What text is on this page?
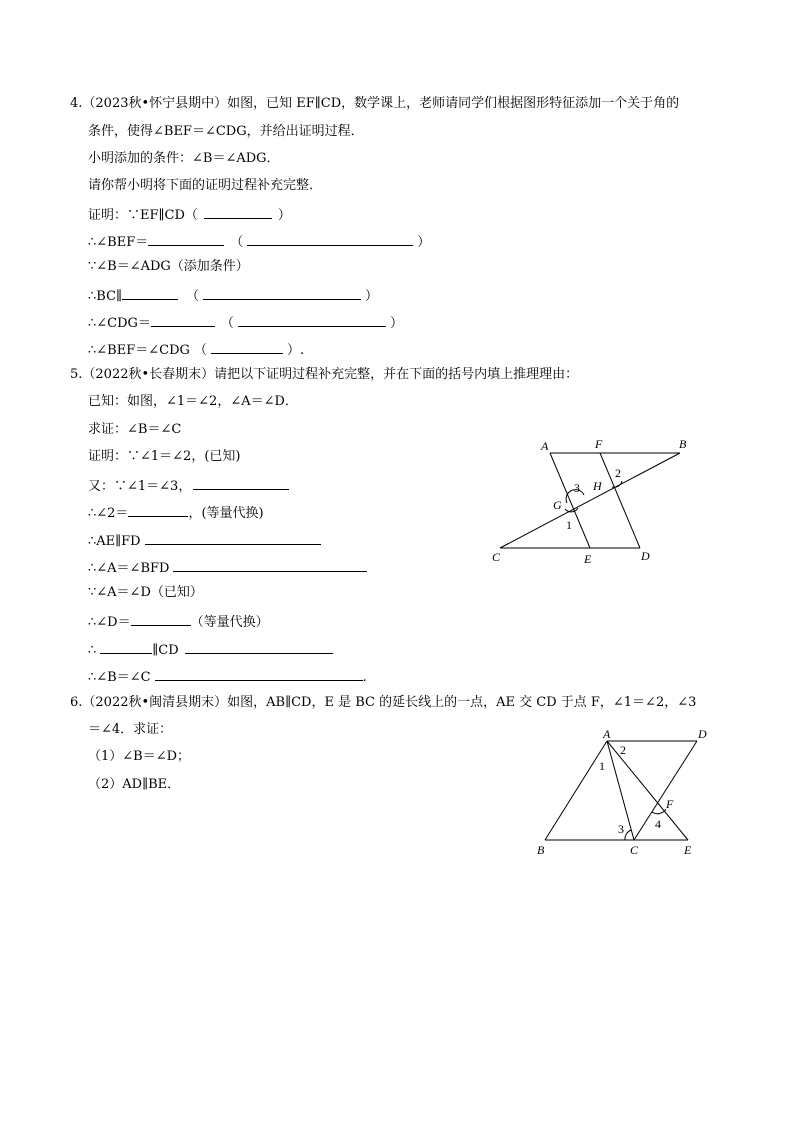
4.（2023秋•怀宁县期中）如图，已知 EF∥CD，数学课上，老师请同学们根据图形特征添加一个关于角的
条件，使得∠BEF＝∠CDG，并给出证明过程．
小明添加的条件：∠B＝∠ADG．
请你帮小明将下面的证明过程补充完整．
证明：∵EF∥CD（	）
∴∠BEF＝	（	）
∵∠B＝∠ADG（添加条件）
∴BC∥	（	）
∴∠CDG＝	（	）
∴∠BEF＝∠CDG （	）.
5.（2022秋•长春期末）请把以下证明过程补充完整，并在下面的括号内填上推理理由：
已知：如图，∠1＝∠2，∠A＝∠D．
求证：∠B＝∠C
证明：∵∠1＝∠2，(已知)
又：∵∠1＝∠3，
∴∠2＝	，(等量代换)
∴AE∥FD
∴∠A＝∠BFD
∵∠A＝∠D（已知）
∴∠D＝	（等量代换）
∴	∥CD
∴∠B＝∠C	.
6.（2022秋•闽清县期末）如图，AB∥CD，E 是 BC 的延长线上的一点，AE 交 CD 于点 F，∠1＝∠2，∠3
＝∠4．求证：
（1）∠B＝∠D；
（2）AD∥BE．
A	F	B
G
H
C	E	D
1
2
3
A	D
F
B	C	E
1
2
3	4
